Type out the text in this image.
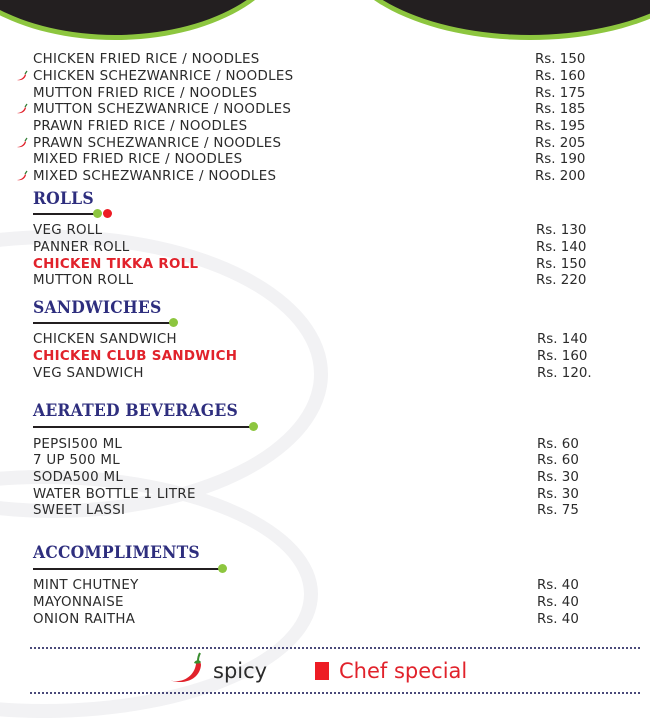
CHICKEN FRIED RICE / NOODLES	Rs. 150
CHICKEN SCHEZWANRICE / NOODLES	Rs. 160
MUTTON FRIED RICE / NOODLES	Rs. 175
MUTTON SCHEZWANRICE / NOODLES	Rs. 185
PRAWN FRIED RICE / NOODLES	Rs. 195
PRAWN SCHEZWANRICE / NOODLES	Rs. 205
MIXED FRIED RICE / NOODLES	Rs. 190
MIXED SCHEZWANRICE / NOODLES	Rs. 200
ROLLS
VEG ROLL	Rs. 130
PANNER ROLL	Rs. 140
CHICKEN TIKKA ROLL	Rs. 150
MUTTON ROLL	Rs. 220
SANDWICHES
CHICKEN SANDWICH	Rs. 140
CHICKEN CLUB SANDWICH	Rs. 160
VEG SANDWICH	Rs. 120.
AERATED BEVERAGES
PEPSI500 ML	Rs. 60
7 UP 500 ML	Rs. 60
SODA500 ML	Rs. 30
WATER BOTTLE 1 LITRE	Rs. 30
SWEET LASSI	Rs. 75
ACCOMPLIMENTS
MINT CHUTNEY	Rs. 40
MAYONNAISE	Rs. 40
ONION RAITHA	Rs. 40
spicy	Chef special
